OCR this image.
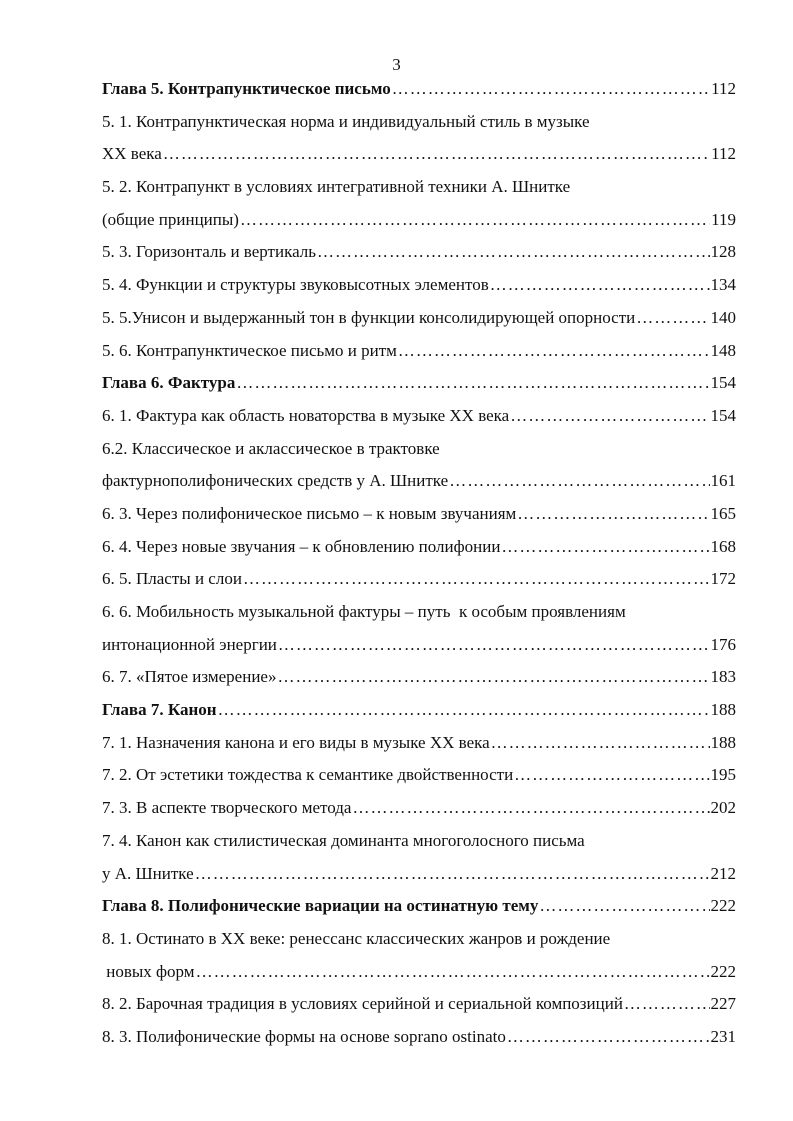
3
Глава 5. Контрапунктическое письмо ……………………………………………………………………………………………………………………………………………………	112
5. 1. Контрапунктическая норма и индивидуальный стиль в музыке
XX века ……………………………………………………………………………………………………………………………………………………	112
5. 2. Контрапункт в условиях интегративной техники А. Шнитке
(общие принципы) ……………………………………………………………………………………………………………………………………………………	119
5. 3. Горизонталь и вертикаль ……………………………………………………………………………………………………………………………………………………	128
5. 4. Функции и структуры звуковысотных элементов ……………………………………………………………………………………………………………………………………………………	134
5. 5.Унисон и выдержанный тон в функции консолидирующей опорности ……………………………………………………………………………………………………………………………………………………	140
5. 6. Контрапунктическое письмо и ритм ……………………………………………………………………………………………………………………………………………………	148
Глава 6. Фактура ……………………………………………………………………………………………………………………………………………………	154
6. 1. Фактура как область новаторства в музыке XX века ……………………………………………………………………………………………………………………………………………………	154
6.2. Классическое и аклассическое в трактовке
фактурнополифонических средств у А. Шнитке ……………………………………………………………………………………………………………………………………………………	161
6. 3. Через полифоническое письмо – к новым звучаниям ……………………………………………………………………………………………………………………………………………………	165
6. 4. Через новые звучания – к обновлению полифонии ……………………………………………………………………………………………………………………………………………………	168
6. 5. Пласты и слои ……………………………………………………………………………………………………………………………………………………	172
6. 6. Мобильность музыкальной фактуры – путь  к особым проявлениям
интонационной энергии ……………………………………………………………………………………………………………………………………………………	176
6. 7. «Пятое измерение» ……………………………………………………………………………………………………………………………………………………	183
Глава 7. Канон ……………………………………………………………………………………………………………………………………………………	188
7. 1. Назначения канона и его виды в музыке XX века ……………………………………………………………………………………………………………………………………………………	188
7. 2. От эстетики тождества к семантике двойственности ……………………………………………………………………………………………………………………………………………………	195
7. 3. В аспекте творческого метода ……………………………………………………………………………………………………………………………………………………	202
7. 4. Канон как стилистическая доминанта многоголосного письма
у А. Шнитке ……………………………………………………………………………………………………………………………………………………	212
Глава 8. Полифонические вариации на остинатную тему ……………………………………………………………………………………………………………………………………………………	222
8. 1. Остинато в XX веке: ренессанс классических жанров и рождение
новых форм ……………………………………………………………………………………………………………………………………………………	222
8. 2. Барочная традиция в условиях серийной и сериальной композиций ……………………………………………………………………………………………………………………………………………………	227
8. 3. Полифонические формы на основе soprano ostinato ……………………………………………………………………………………………………………………………………………………	231
